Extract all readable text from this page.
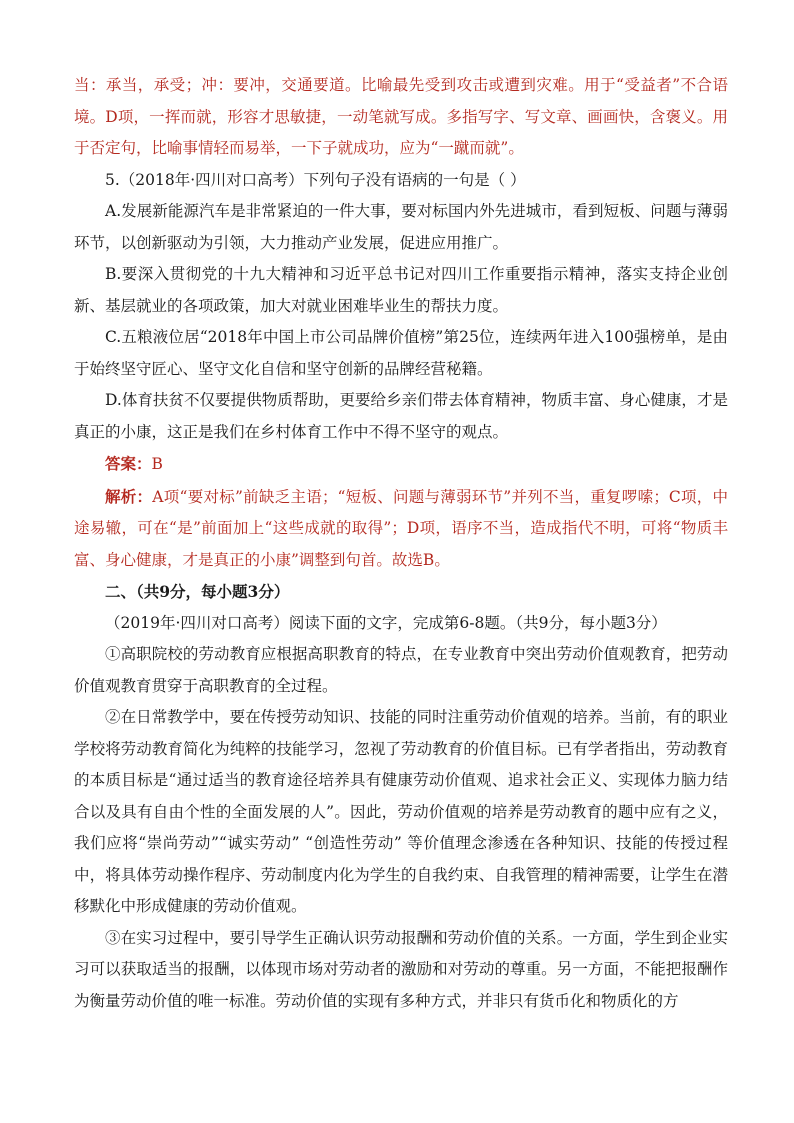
当：承当，承受；冲：要冲，交通要道。比喻最先受到攻击或遭到灾难。用于“受益者”不合语境。D项，一挥而就，形容才思敏捷，一动笔就写成。多指写字、写文章、画画快，含褒义。用于否定句，比喻事情轻而易举，一下子就成功，应为“一蹴而就”。

5.（2018年·四川对口高考）下列句子没有语病的一句是（ ）

A.发展新能源汽车是非常紧迫的一件大事，要对标国内外先进城市，看到短板、问题与薄弱环节，以创新驱动为引领，大力推动产业发展，促进应用推广。

B.要深入贯彻党的十九大精神和习近平总书记对四川工作重要指示精神，落实支持企业创新、基层就业的各项政策，加大对就业困难毕业生的帮扶力度。

C.五粮液位居“2018年中国上市公司品牌价值榜”第25位，连续两年进入100强榜单，是由于始终坚守匠心、坚守文化自信和坚守创新的品牌经营秘籍。

D.体育扶贫不仅要提供物质帮助，更要给乡亲们带去体育精神，物质丰富、身心健康，才是真正的小康，这正是我们在乡村体育工作中不得不坚守的观点。

答案：B

解析：A项“要对标”前缺乏主语；“短板、问题与薄弱环节”并列不当，重复啰嗦；C项，中途易辙，可在“是”前面加上“这些成就的取得”；D项，语序不当，造成指代不明，可将“物质丰富、身心健康，才是真正的小康”调整到句首。故选B。

二、（共9分，每小题3分）

（2019年·四川对口高考）阅读下面的文字，完成第6-8题。（共9分，每小题3分）

①高职院校的劳动教育应根据高职教育的特点，在专业教育中突出劳动价值观教育，把劳动价值观教育贯穿于高职教育的全过程。

②在日常教学中，要在传授劳动知识、技能的同时注重劳动价值观的培养。当前，有的职业学校将劳动教育简化为纯粹的技能学习，忽视了劳动教育的价值目标。已有学者指出，劳动教育的本质目标是“通过适当的教育途径培养具有健康劳动价值观、追求社会正义、实现体力脑力结合以及具有自由个性的全面发展的人”。因此，劳动价值观的培养是劳动教育的题中应有之义，我们应将“崇尚劳动”“诚实劳动” “创造性劳动” 等价值理念渗透在各种知识、技能的传授过程中，将具体劳动操作程序、劳动制度内化为学生的自我约束、自我管理的精神需要，让学生在潜移默化中形成健康的劳动价值观。

③在实习过程中，要引导学生正确认识劳动报酬和劳动价值的关系。一方面，学生到企业实习可以获取适当的报酬，以体现市场对劳动者的激励和对劳动的尊重。另一方面，不能把报酬作为衡量劳动价值的唯一标准。劳动价值的实现有多种方式，并非只有货币化和物质化的方
